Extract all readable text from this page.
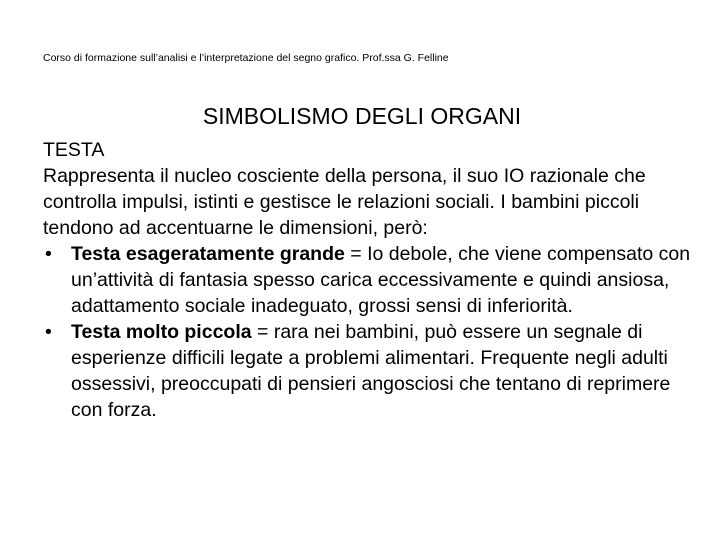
Corso di formazione sull’analisi e l’interpretazione del segno grafico. Prof.ssa G. Felline
SIMBOLISMO DEGLI ORGANI

TESTA

Rappresenta il nucleo cosciente della persona, il suo IO razionale che controlla impulsi, istinti e gestisce le relazioni sociali. I bambini piccoli tendono ad accentuarne le dimensioni, però:

• Testa esageratamente grande = Io debole, che viene compensato con un’attività di fantasia spesso carica eccessivamente e quindi ansiosa, adattamento sociale inadeguato, grossi sensi di inferiorità.
• Testa molto piccola = rara nei bambini, può essere un segnale di esperienze difficili legate a problemi alimentari. Frequente negli adulti ossessivi, preoccupati di pensieri angosciosi che tentano di reprimere con forza.
